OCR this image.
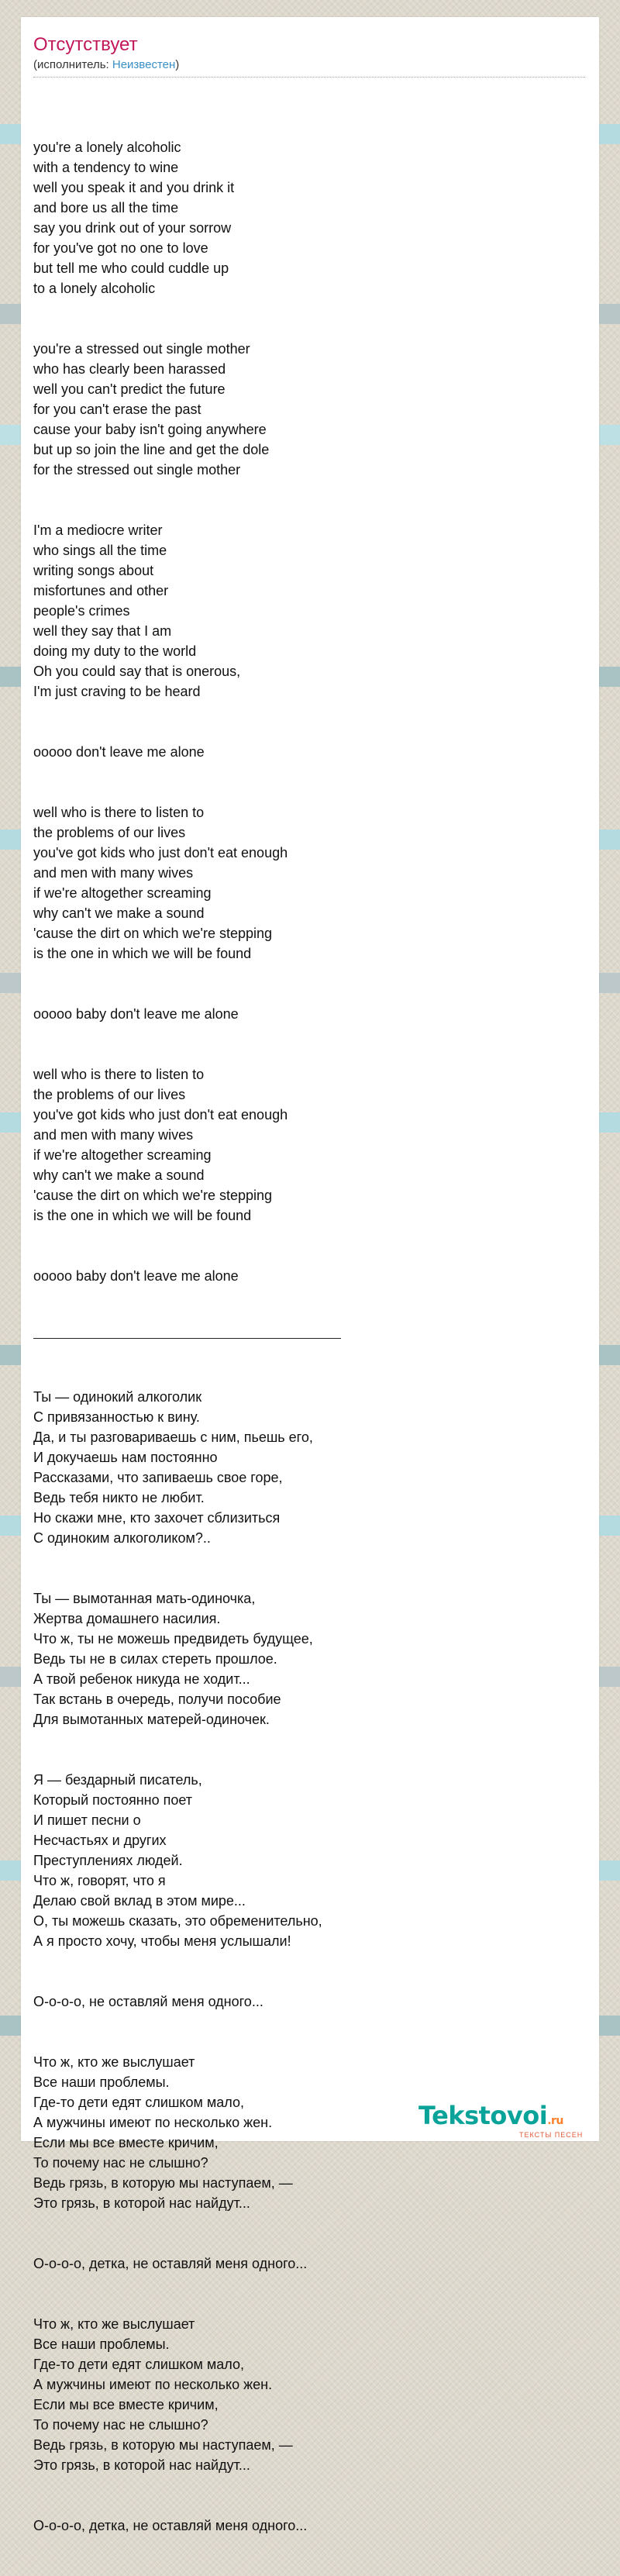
Отсутствует
(исполнитель: Неизвестен)

you're a lonely alcoholic
with a tendency to wine
well you speak it and you drink it
and bore us all the time
say you drink out of your sorrow
for you've got no one to love
but tell me who could cuddle up
to a lonely alcoholic

you're a stressed out single mother
who has clearly been harassed
well you can't predict the future
for you can't erase the past
cause your baby isn't going anywhere
but up so join the line and get the dole
for the stressed out single mother

I'm a mediocre writer
who sings all the time
writing songs about
misfortunes and other
people's crimes
well they say that I am
doing my duty to the world
Oh you could say that is onerous,
I'm just craving to be heard

ooooo don't leave me alone

well who is there to listen to
the problems of our lives
you've got kids who just don't eat enough
and men with many wives
if we're altogether screaming
why can't we make a sound
'cause the dirt on which we're stepping
is the one in which we will be found

ooooo baby don't leave me alone

well who is there to listen to
the problems of our lives
you've got kids who just don't eat enough
and men with many wives
if we're altogether screaming
why can't we make a sound
'cause the dirt on which we're stepping
is the one in which we will be found

ooooo baby don't leave me alone

Ты — одинокий алкоголик
С привязанностью к вину.
Да, и ты разговариваешь с ним, пьешь его,
И докучаешь нам постоянно
Рассказами, что запиваешь свое горе,
Ведь тебя никто не любит.
Но скажи мне, кто захочет сблизиться
С одиноким алкоголиком?..

Ты — вымотанная мать-одиночка,
Жертва домашнего насилия.
Что ж, ты не можешь предвидеть будущее,
Ведь ты не в силах стереть прошлое.
А твой ребенок никуда не ходит...
Так встань в очередь, получи пособие
Для вымотанных матерей-одиночек.

Я — бездарный писатель,
Который постоянно поет
И пишет песни о
Несчастьях и других
Преступлениях людей.
Что ж, говорят, что я
Делаю свой вклад в этом мире...
О, ты можешь сказать, это обременительно,
А я просто хочу, чтобы меня услышали!

О-о-о-о, не оставляй меня одного...

Что ж, кто же выслушает
Все наши проблемы.
Где-то дети едят слишком мало,
А мужчины имеют по несколько жен.
Если мы все вместе кричим,
То почему нас не слышно?
Ведь грязь, в которую мы наступаем, —
Это грязь, в которой нас найдут...

О-о-о-о, детка, не оставляй меня одного...

Что ж, кто же выслушает
Все наши проблемы.
Где-то дети едят слишком мало,
А мужчины имеют по несколько жен.
Если мы все вместе кричим,
То почему нас не слышно?
Ведь грязь, в которую мы наступаем, —
Это грязь, в которой нас найдут...

О-о-о-о, детка, не оставляй меня одного...

Tekstovoi.ru
ТЕКСТЫ ПЕСЕН
